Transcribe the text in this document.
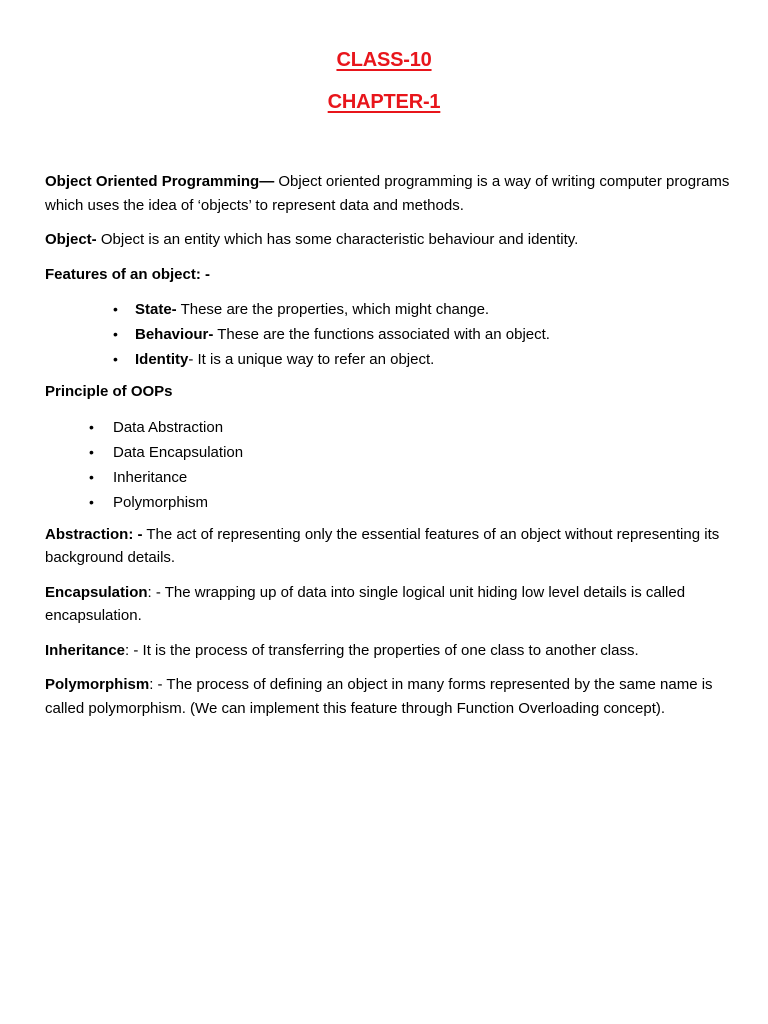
CLASS-10
CHAPTER-1

Object Oriented Programming— Object oriented programming is a way of writing computer programs which uses the idea of ‘objects’ to represent data and methods.

Object- Object is an entity which has some characteristic behaviour and identity.

Features of an object: -

• State- These are the properties, which might change.
• Behaviour- These are the functions associated with an object.
• Identity- It is a unique way to refer an object.

Principle of OOPs

• Data Abstraction
• Data Encapsulation
• Inheritance
• Polymorphism

Abstraction: - The act of representing only the essential features of an object without representing its background details.

Encapsulation: - The wrapping up of data into single logical unit hiding low level details is called encapsulation.

Inheritance: - It is the process of transferring the properties of one class to another class.

Polymorphism: - The process of defining an object in many forms represented by the same name is called polymorphism. (We can implement this feature through Function Overloading concept).
